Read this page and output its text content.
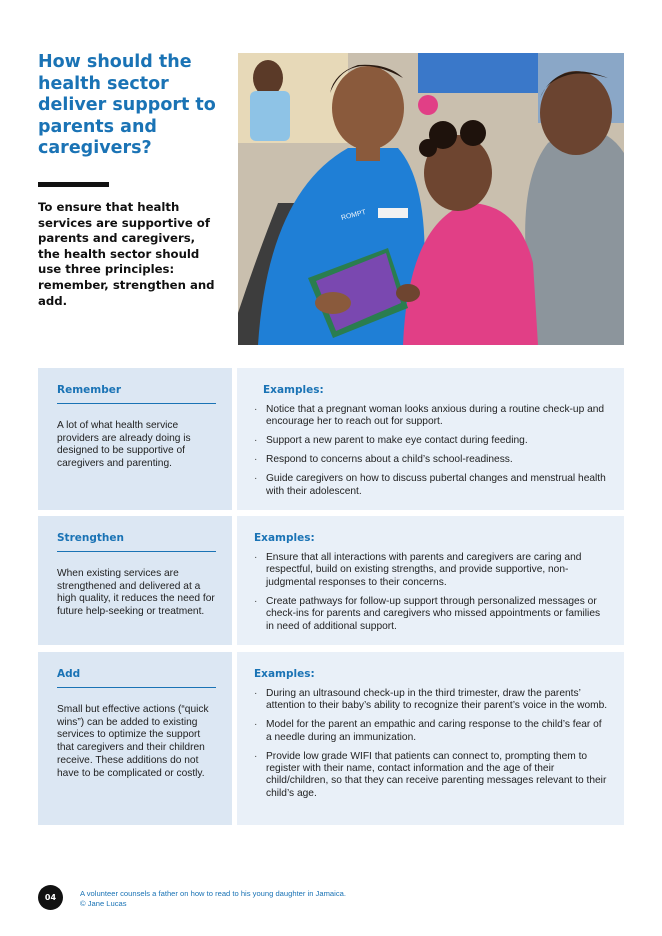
How should the health sector deliver support to parents and caregivers?

To ensure that health services are supportive of parents and caregivers, the health sector should use three principles: remember, strengthen and add.

ROMPT
Remember

A lot of what health service providers are already doing is designed to be supportive of caregivers and parenting.

Examples:
· Notice that a pregnant woman looks anxious during a routine check-up and encourage her to reach out for support.
· Support a new parent to make eye contact during feeding.
· Respond to concerns about a child’s school-readiness.
· Guide caregivers on how to discuss pubertal changes and menstrual health with their adolescent.
Strengthen

When existing services are strengthened and delivered at a high quality, it reduces the need for future help-seeking or treatment.

Examples:
· Ensure that all interactions with parents and caregivers are caring and respectful, build on existing strengths, and provide supportive, non-judgmental responses to their concerns.
· Create pathways for follow-up support through personalized messages or check-ins for parents and caregivers who missed appointments or families in need of additional support.
Add

Small but effective actions (“quick wins”) can be added to existing services to optimize the support that caregivers and their children receive. These additions do not have to be complicated or costly.

Examples:
· During an ultrasound check-up in the third trimester, draw the parents’ attention to their baby’s ability to recognize their parent’s voice in the womb.
· Model for the parent an empathic and caring response to the child’s fear of a needle during an immunization.
· Provide low grade WIFI that patients can connect to, prompting them to register with their name, contact information and the age of their child/children, so that they can receive parenting messages relevant to their child’s age.
04	A volunteer counsels a father on how to read to his young daughter in Jamaica.
© Jane Lucas
